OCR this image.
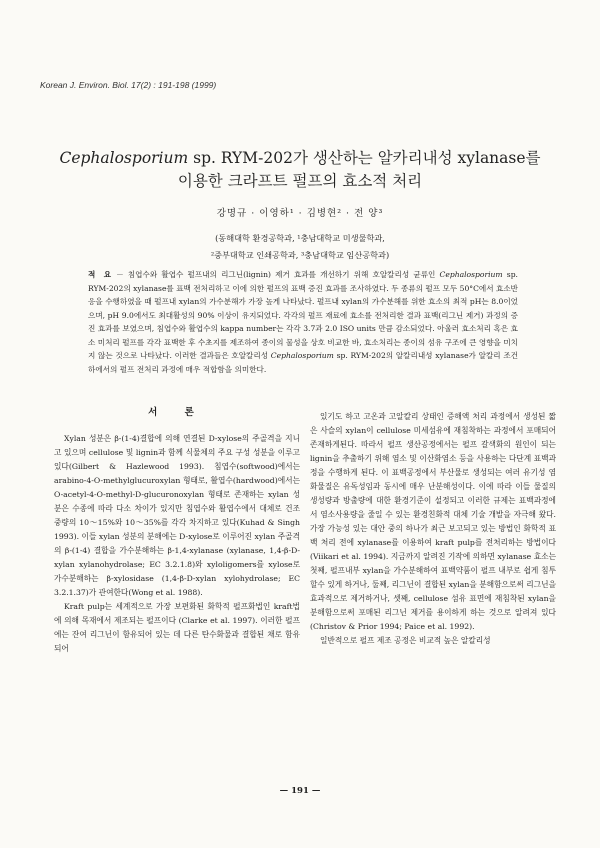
Korean J. Environ. Biol. 17(2) : 191-198 (1999)
Cephalosporium sp. RYM-202가 생산하는 알카리내성 xylanase를
이용한 크라프트 펄프의 효소적 처리
강명규 · 이영하¹ · 김병현² · 전 양³
(동해대학 환경공학과, ¹충남대학교 미생물학과,
²중부대학교 인쇄공학과, ³충남대학교 임산공학과)
적 요 － 침엽수와 활엽수 펄프내의 리그닌(lignin) 제거 효과를 개선하기 위해 호알칼리성 균류인 Cephalosporium sp. RYM-202의 xylanase를 표백 전처리하고 이에 의한 펄프의 표백 증진 효과를 조사하였다. 두 종류의 펄프 모두 50°C에서 효소반응을 수행하였을 때 펄프내 xylan의 가수분해가 가장 높게 나타났다. 펄프내 xylan의 가수분해를 위한 효소의 최적 pH는 8.0이었으며, pH 9.0에서도 최대활성의 90% 이상이 유지되었다. 각각의 펄프 재료에 효소를 전처리한 결과 표백(리그닌 제거) 과정의 증진 효과를 보였으며, 침엽수와 활엽수의 kappa number는 각각 3.7과 2.0 ISO units 만큼 감소되었다. 아울러 효소처리 혹은 효소 미처리 펄프를 각각 표백한 후 수초지를 제조하여 종이의 물성을 상호 비교한 바, 효소처리는 종이의 섬유 구조에 큰 영향을 미치지 않는 것으로 나타났다. 이러한 결과들은 호알칼리성 Cephalosporium sp. RYM-202의 알칼리내성 xylanase가 알칼리 조건하에서의 펄프 전처리 과정에 매우 적합함을 의미한다.
서 론

Xylan 성분은 β-(1-4)결합에 의해 연결된 D-xylose의 주골격을 지니고 있으며 cellulose 및 lignin과 함께 식물체의 주요 구성 성분을 이루고 있다(Gilbert & Hazlewood 1993). 침엽수(softwood)에서는 arabino-4-O-methylglucuroxylan 형태로, 활엽수(hardwood)에서는 O-acetyl-4-O-methyl-D-glucuronoxylan 형태로 존재하는 xylan 성분은 수종에 따라 다소 차이가 있지만 침엽수와 활엽수에서 대체로 건조 중량의 10～15%와 10～35%를 각각 차지하고 있다(Kuhad & Singh 1993). 이들 xylan 성분의 분해에는 D-xylose로 이루어진 xylan 주골격의 β-(1-4) 결합을 가수분해하는 β-1,4-xylanase (xylanase, 1,4-β-D-xylan xylanohydrolase; EC 3.2.1.8)와 xyloligomers를 xylose로 가수분해하는 β-xylosidase (1,4-β-D-xylan xylohydrolase; EC 3.2.1.37)가 관여한다(Wong et al. 1988).

Kraft pulp는 세계적으로 가장 보편화된 화학적 펄프화법인 kraft법에 의해 목재에서 제조되는 펄프이다 (Clarke et al. 1997). 이러한 펄프에는 잔여 리그닌이 함유되어 있는 데 다른 탄수화물과 결합된 채로 함유되어

있기도 하고 고온과 고알칼리 상태인 증해액 처리 과정에서 생성된 짧은 사슬의 xylan이 cellulose 미세섬유에 재침착하는 과정에서 포매되어 존재하게된다. 따라서 펄프 생산공정에서는 펄프 갈색화의 원인이 되는 lignin을 추출하기 위해 염소 및 이산화염소 등을 사용하는 다단계 표백과정을 수행하게 된다. 이 표백공정에서 부산물로 생성되는 여러 유기성 염화물질은 유독성임과 동시에 매우 난분해성이다. 이에 따라 이들 물질의 생성량과 방출량에 대한 환경기준이 설정되고 이러한 규제는 표백과정에서 염소사용량을 줄일 수 있는 환경친화적 대체 기술 개발을 자극해 왔다. 가장 가능성 있는 대안 중의 하나가 최근 보고되고 있는 방법인 화학적 표백 처리 전에 xylanase를 이용하여 kraft pulp를 전처리하는 방법이다(Viikari et al. 1994). 지금까지 알려진 기작에 의하면 xylanase 효소는 첫째, 펄프내부 xylan을 가수분해하여 표백약품이 펄프 내부로 쉽게 침투할수 있게 하거나, 둘째, 리그닌이 결합된 xylan을 분해함으로써 리그닌을 효과적으로 제거하거나, 셋째, cellulose 섬유 표면에 재침착된 xylan을 분해함으로써 포매된 리그닌 제거를 용이하게 하는 것으로 알려져 있다(Christov & Prior 1994; Paice et al. 1992).

일반적으로 펄프 제조 공정은 비교적 높은 알칼리성

— 191 —
